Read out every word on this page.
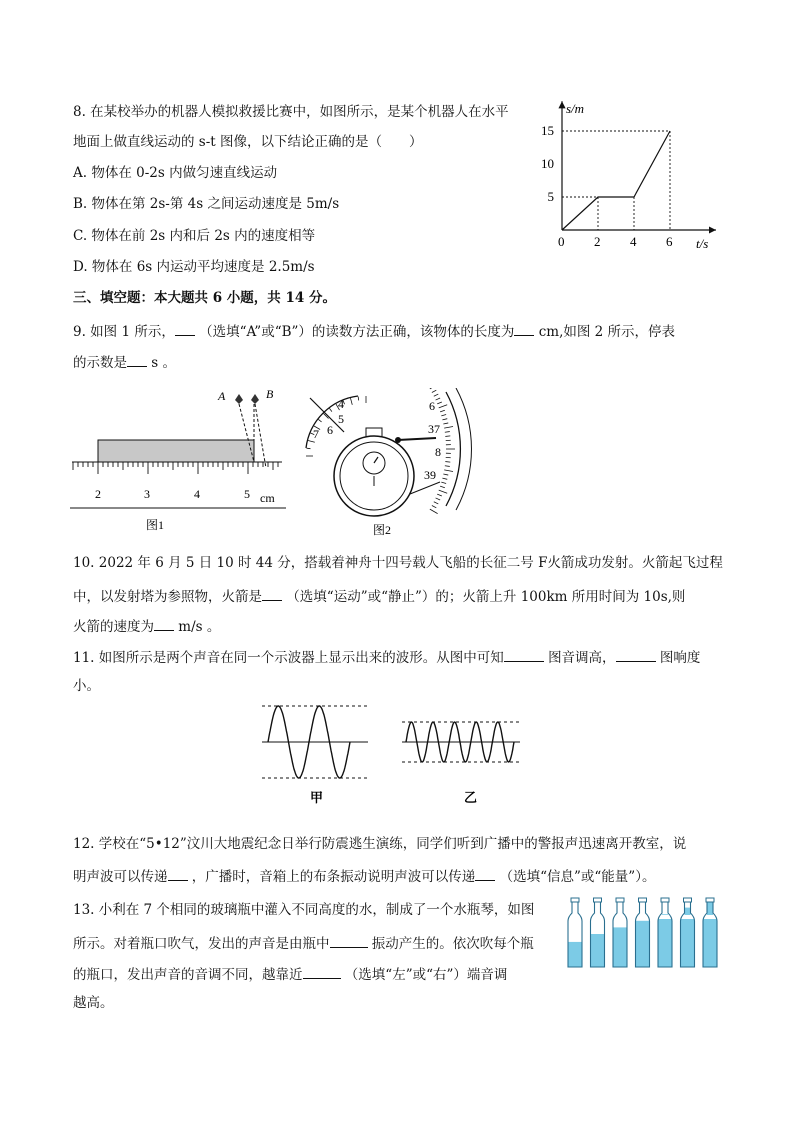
8. 在某校举办的机器人模拟救援比赛中，如图所示，是某个机器人在水平
地面上做直线运动的 s-t 图像，以下结论正确的是（　　）
A. 物体在 0-2s 内做匀速直线运动
B. 物体在第 2s-第 4s 之间运动速度是 5m/s
C. 物体在前 2s 内和后 2s 内的速度相等
D. 物体在 6s 内运动平均速度是 2.5m/s
0 2 4 6
5
10
15
t/s
s/m
三、填空题：本大题共 6 小题，共 14 分。
9. 如图 1 所示， （选填“A”或“B”）的读数方法正确，该物体的长度为 cm,如图 2 所示，停表
的示数是 s 。
A	B
2	3	4	5 cm
图1
4
5
6
7
6
37
8
39
图2
10. 2022 年 6 月 5 日 10 时 44 分，搭载着神舟十四号载人飞船的长征二号 F火箭成功发射。火箭起飞过程
中，以发射塔为参照物，火箭是 （选填“运动”或“静止”）的；火箭上升 100km 所用时间为 10s,则
火箭的速度为 m/s 。
11. 如图所示是两个声音在同一个示波器上显示出来的波形。从图中可知	图音调高，	图响度
小。
甲	乙
12. 学校在“5•12”汶川大地震纪念日举行防震逃生演练，同学们听到广播中的警报声迅速离开教室，说
明声波可以传递 ，广播时，音箱上的布条振动说明声波可以传递 （选填“信息”或“能量”）。
13. 小利在 7 个相同的玻璃瓶中灌入不同高度的水，制成了一个水瓶琴，如图
所示。对着瓶口吹气，发出的声音是由瓶中	振动产生的。依次吹每个瓶
的瓶口，发出声音的音调不同，越靠近	（选填“左”或“右”）端音调
越高。
